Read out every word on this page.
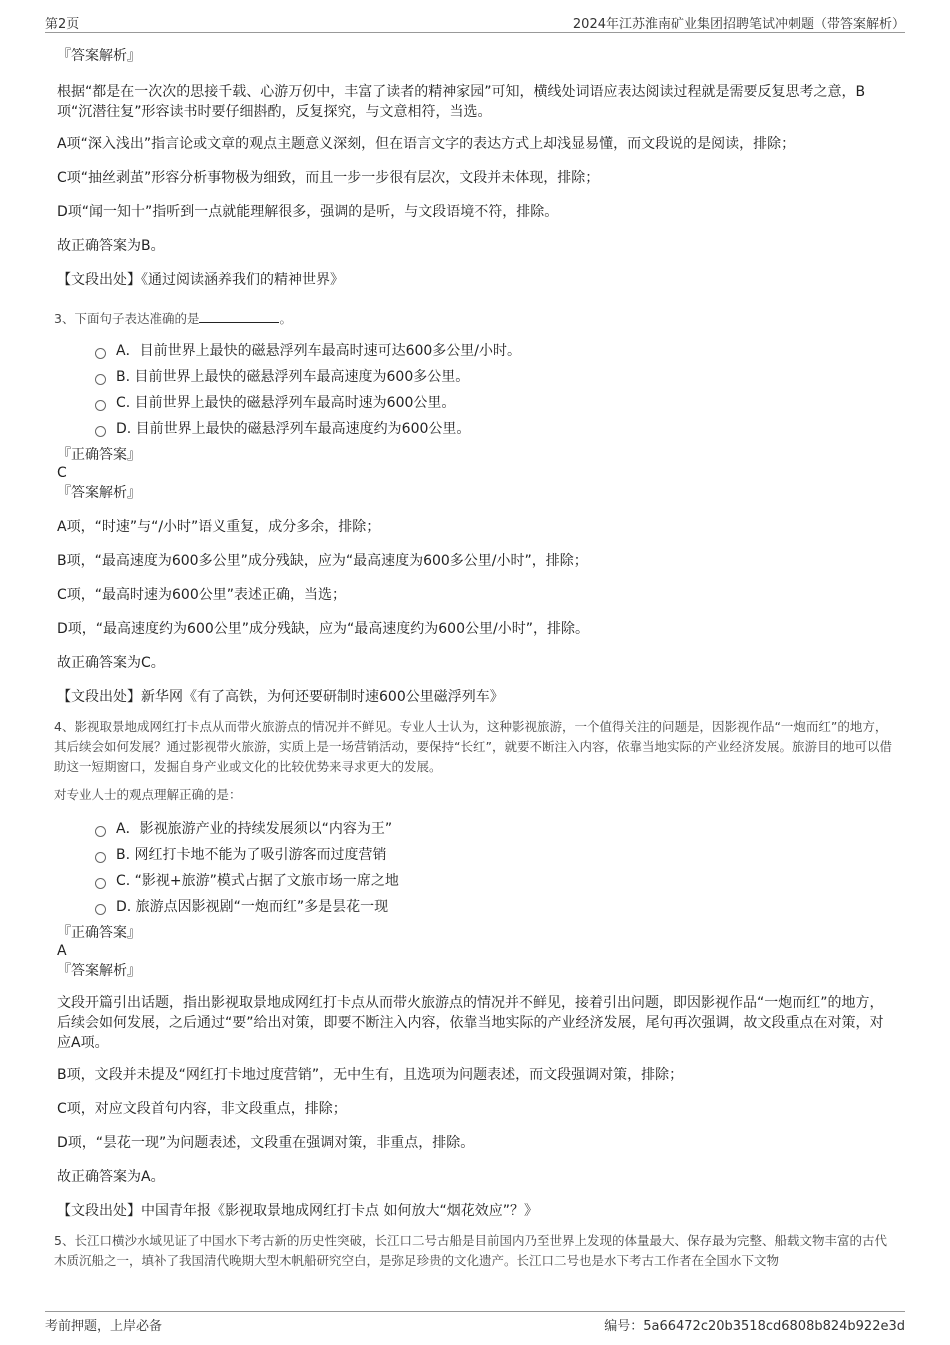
第2页	2024年江苏淮南矿业集团招聘笔试冲刺题（带答案解析）

『答案解析』

根据“都是在一次次的思接千载、心游万仞中，丰富了读者的精神家园”可知，横线处词语应表达阅读过程就是需要反复思考之意，B项“沉潜往复”形容读书时要仔细斟酌，反复探究，与文意相符，当选。

A项“深入浅出”指言论或文章的观点主题意义深刻，但在语言文字的表达方式上却浅显易懂，而文段说的是阅读，排除；

C项“抽丝剥茧”形容分析事物极为细致，而且一步一步很有层次，文段并未体现，排除；

D项“闻一知十”指听到一点就能理解很多，强调的是听，与文段语境不符，排除。

故正确答案为B。

【文段出处】《通过阅读涵养我们的精神世界》

3、下面句子表达准确的是	。

A．目前世界上最快的磁悬浮列车最高时速可达600多公里/小时。
B. 目前世界上最快的磁悬浮列车最高速度为600多公里。
C. 目前世界上最快的磁悬浮列车最高时速为600公里。
D. 目前世界上最快的磁悬浮列车最高速度约为600公里。

『正确答案』

C

『答案解析』

A项，“时速”与“/小时”语义重复，成分多余，排除；

B项，“最高速度为600多公里”成分残缺，应为“最高速度为600多公里/小时”，排除；

C项，“最高时速为600公里”表述正确，当选；

D项，“最高速度约为600公里”成分残缺，应为“最高速度约为600公里/小时”，排除。

故正确答案为C。

【文段出处】新华网《有了高铁，为何还要研制时速600公里磁浮列车》

4、影视取景地成网红打卡点从而带火旅游点的情况并不鲜见。专业人士认为，这种影视旅游，一个值得关注的问题是，因影视作品“一炮而红”的地方，其后续会如何发展？通过影视带火旅游，实质上是一场营销活动，要保持“长红”，就要不断注入内容，依靠当地实际的产业经济发展。旅游目的地可以借助这一短期窗口，发掘自身产业或文化的比较优势来寻求更大的发展。

对专业人士的观点理解正确的是：

A．影视旅游产业的持续发展须以“内容为王”
B. 网红打卡地不能为了吸引游客而过度营销
C. “影视+旅游”模式占据了文旅市场一席之地
D. 旅游点因影视剧“一炮而红”多是昙花一现

『正确答案』

A

『答案解析』

文段开篇引出话题，指出影视取景地成网红打卡点从而带火旅游点的情况并不鲜见，接着引出问题，即因影视作品“一炮而红”的地方，后续会如何发展，之后通过“要”给出对策，即要不断注入内容，依靠当地实际的产业经济发展，尾句再次强调，故文段重点在对策，对应A项。

B项，文段并未提及“网红打卡地过度营销”，无中生有，且选项为问题表述，而文段强调对策，排除；

C项，对应文段首句内容，非文段重点，排除；

D项，“昙花一现”为问题表述，文段重在强调对策，非重点，排除。

故正确答案为A。

【文段出处】中国青年报《影视取景地成网红打卡点 如何放大“烟花效应”？》

5、长江口横沙水域见证了中国水下考古新的历史性突破，长江口二号古船是目前国内乃至世界上发现的体量最大、保存最为完整、船载文物丰富的古代木质沉船之一，填补了我国清代晚期大型木帆船研究空白，是弥足珍贵的文化遗产。长江口二号也是水下考古工作者在全国水下文物

考前押题，上岸必备	编号：5a66472c20b3518cd6808b824b922e3d
